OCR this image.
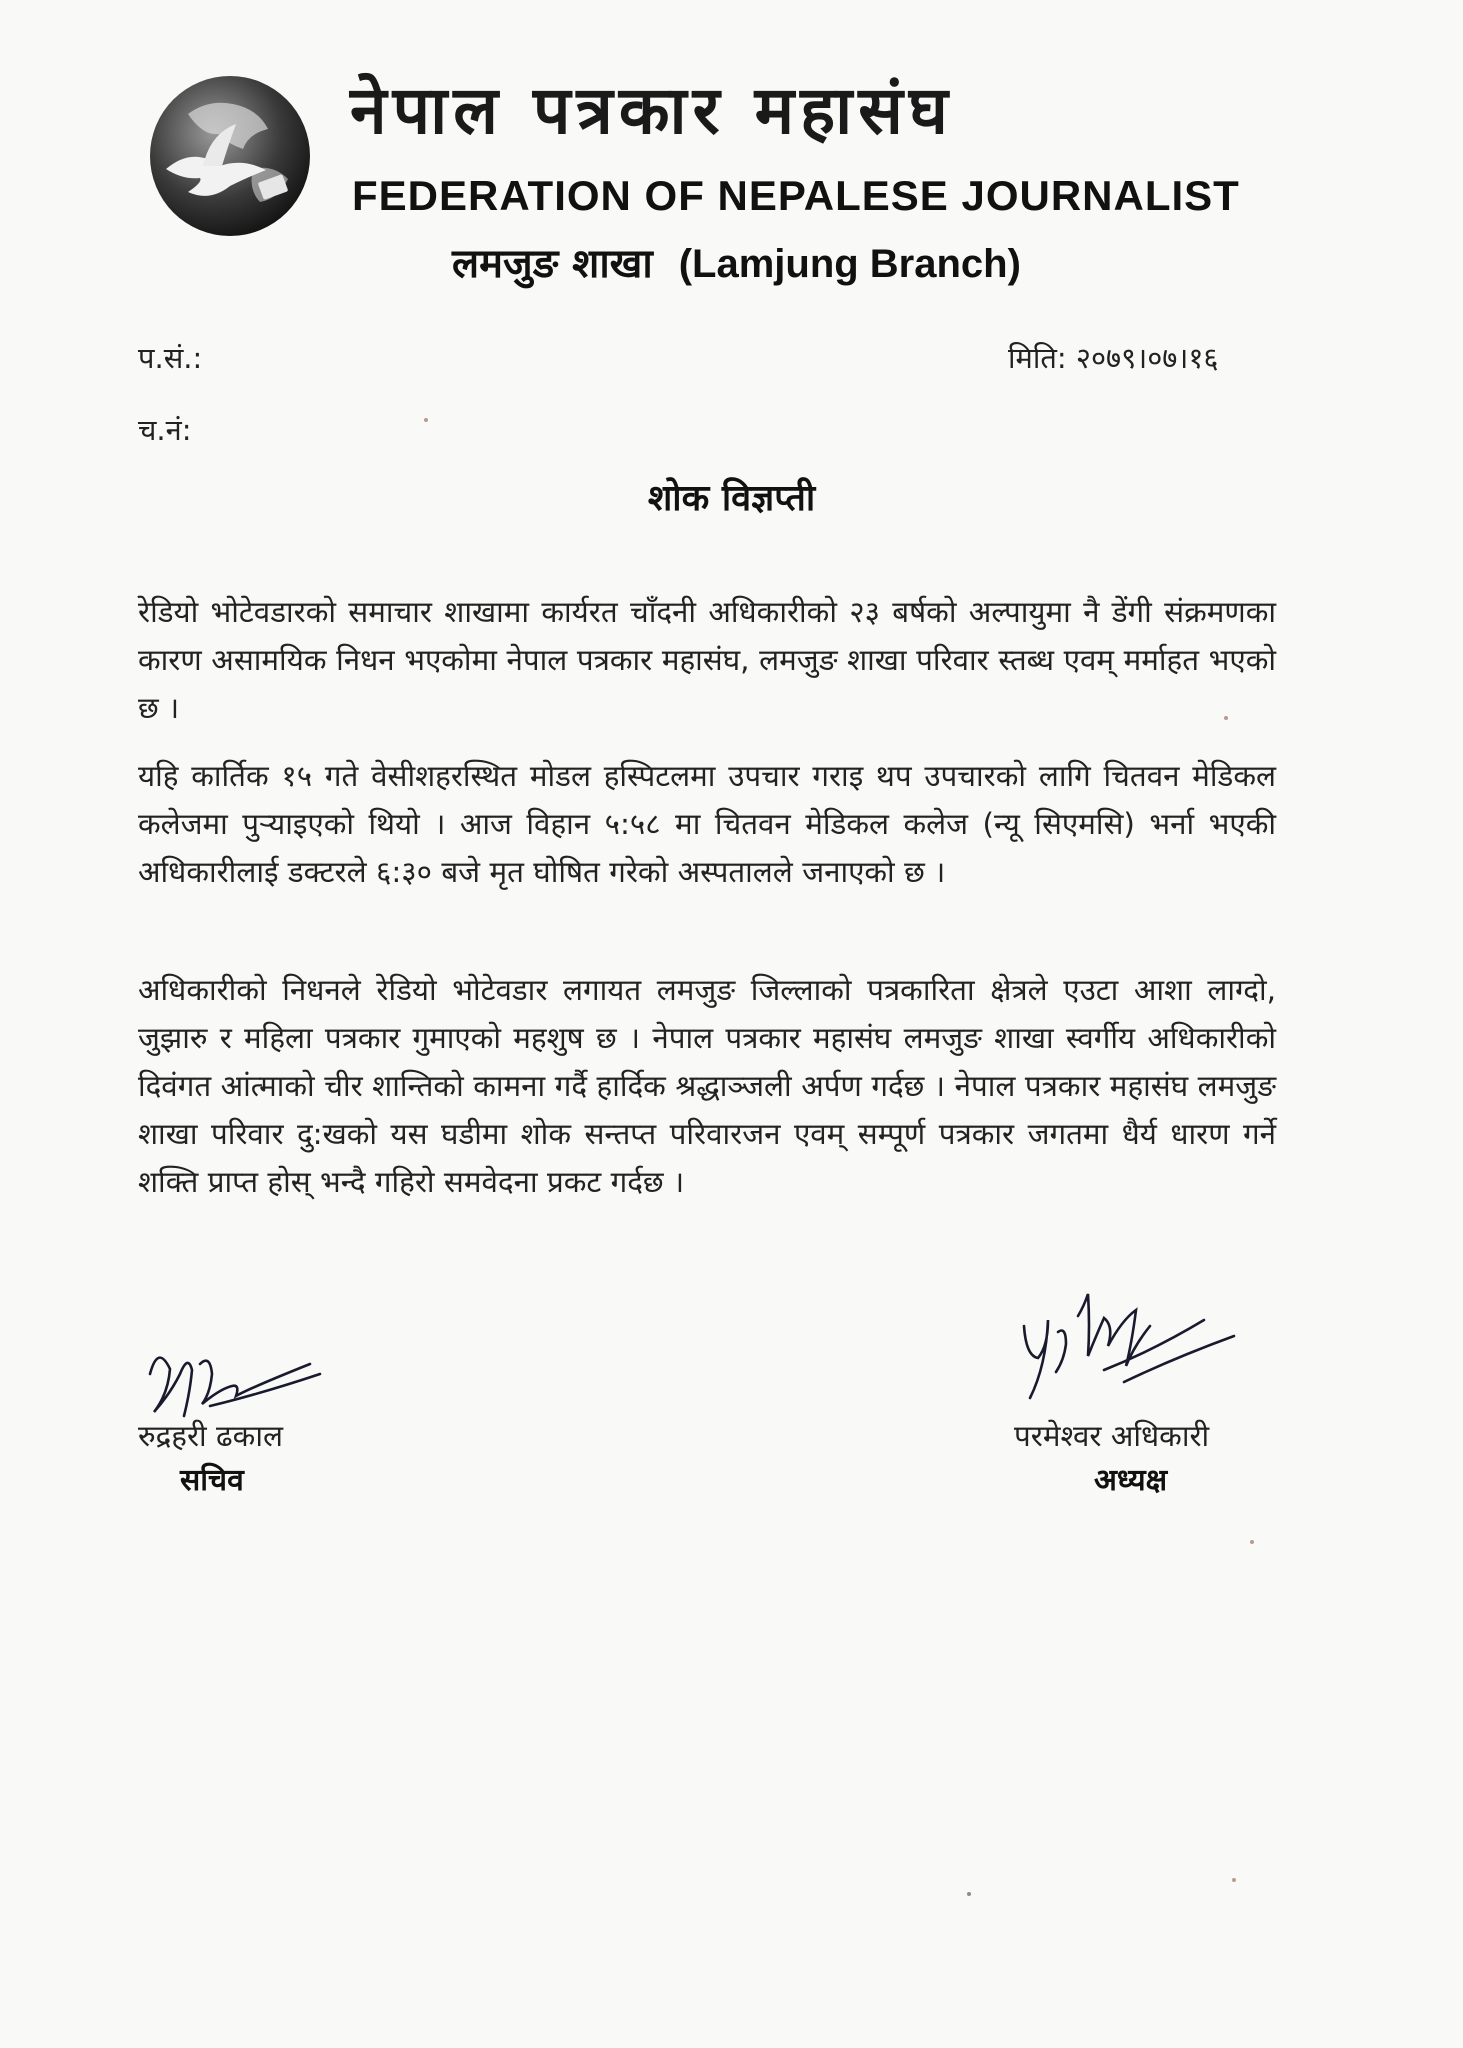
नेपाल पत्रकार महासंघ
FEDERATION OF NEPALESE JOURNALIST
लमजुङ शाखा (Lamjung Branch)
प.सं.:
च.नं:
मिति: २०७९।०७।१६
शोक विज्ञप्ती
रेडियो भोटेवडारको समाचार शाखामा कार्यरत चाँदनी अधिकारीको २३ बर्षको अल्पायुमा नै डेंगी संक्रमणका कारण असामयिक निधन भएकोमा नेपाल पत्रकार महासंघ, लमजुङ शाखा परिवार स्तब्ध एवम् मर्माहत भएको छ ।
यहि कार्तिक १५ गते वेसीशहरस्थित मोडल हस्पिटलमा उपचार गराइ थप उपचारको लागि चितवन मेडिकल कलेजमा पुऱ्याइएको थियो । आज विहान ५:५८ मा चितवन मेडिकल कलेज (न्यू सिएमसि) भर्ना भएकी अधिकारीलाई डक्टरले ६:३० बजे मृत घोषित गरेको अस्पतालले जनाएको छ ।
अधिकारीको निधनले रेडियो भोटेवडार लगायत लमजुङ जिल्लाको पत्रकारिता क्षेत्रले एउटा आशा लाग्दो, जुझारु र महिला पत्रकार गुमाएको महशुष छ । नेपाल पत्रकार महासंघ लमजुङ शाखा स्वर्गीय अधिकारीको दिवंगत आंत्माको चीर शान्तिको कामना गर्दै हार्दिक श्रद्धाञ्जली अर्पण गर्दछ । नेपाल पत्रकार महासंघ लमजुङ शाखा परिवार दु:खको यस घडीमा शोक सन्तप्त परिवारजन एवम् सम्पूर्ण पत्रकार जगतमा धैर्य धारण गर्ने शक्ति प्राप्त होस् भन्दै गहिरो समवेदना प्रकट गर्दछ ।
रुद्रहरी ढकाल
सचिव
परमेश्वर अधिकारी
अध्यक्ष
